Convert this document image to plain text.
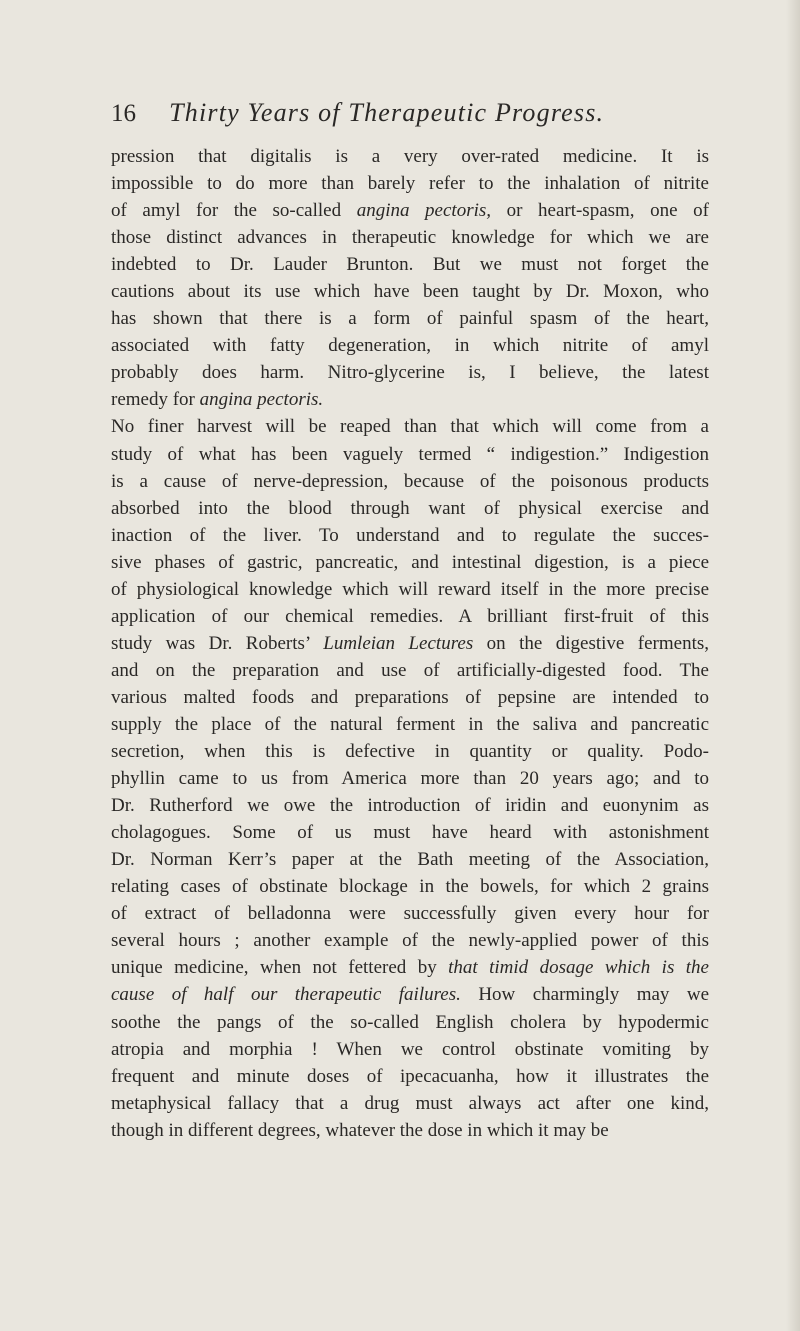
16 Thirty Years of Therapeutic Progress.
pression that digitalis is a very over-rated medicine. It is
impossible to do more than barely refer to the inhalation of nitrite
of amyl for the so-called angina pectoris, or heart-spasm, one of
those distinct advances in therapeutic knowledge for which we are
indebted to Dr. Lauder Brunton. But we must not forget the
cautions about its use which have been taught by Dr. Moxon, who
has shown that there is a form of painful spasm of the heart,
associated with fatty degeneration, in which nitrite of amyl
probably does harm. Nitro-glycerine is, I believe, the latest
remedy for angina pectoris.
No finer harvest will be reaped than that which will come from a
study of what has been vaguely termed “ indigestion.” Indigestion
is a cause of nerve-depression, because of the poisonous products
absorbed into the blood through want of physical exercise and
inaction of the liver. To understand and to regulate the succes-
sive phases of gastric, pancreatic, and intestinal digestion, is a piece
of physiological knowledge which will reward itself in the more precise
application of our chemical remedies. A brilliant first-fruit of this
study was Dr. Roberts’ Lumleian Lectures on the digestive ferments,
and on the preparation and use of artificially-digested food. The
various malted foods and preparations of pepsine are intended to
supply the place of the natural ferment in the saliva and pancreatic
secretion, when this is defective in quantity or quality. Podo-
phyllin came to us from America more than 20 years ago; and to
Dr. Rutherford we owe the introduction of iridin and euonynim as
cholagogues. Some of us must have heard with astonishment
Dr. Norman Kerr’s paper at the Bath meeting of the Association,
relating cases of obstinate blockage in the bowels, for which 2 grains
of extract of belladonna were successfully given every hour for
several hours ; another example of the newly-applied power of this
unique medicine, when not fettered by that timid dosage which is the
cause of half our therapeutic failures. How charmingly may we
soothe the pangs of the so-called English cholera by hypodermic
atropia and morphia ! When we control obstinate vomiting by
frequent and minute doses of ipecacuanha, how it illustrates the
metaphysical fallacy that a drug must always act after one kind,
though in different degrees, whatever the dose in which it may be
